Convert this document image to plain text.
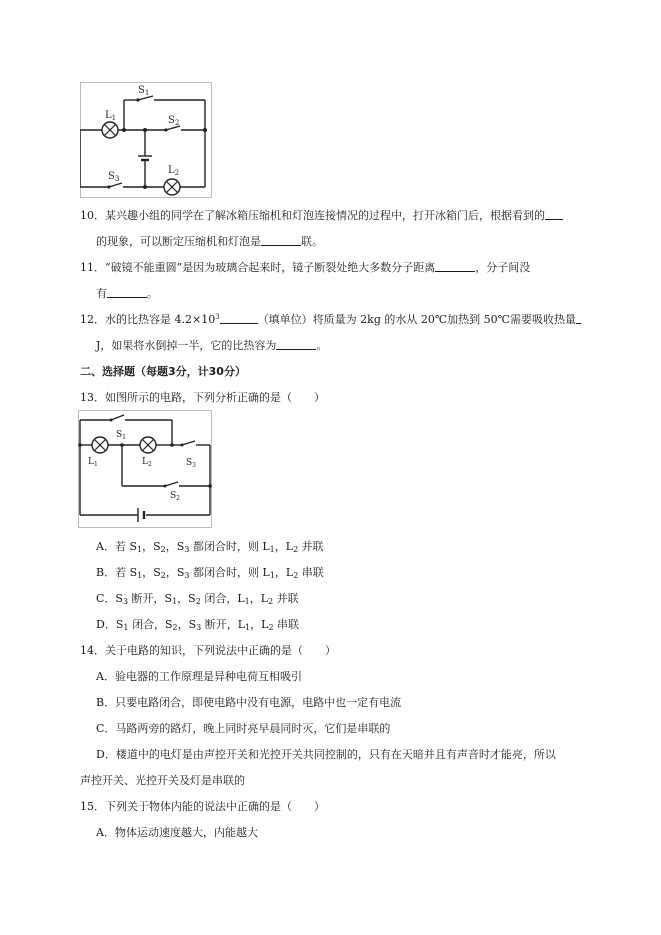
$S_1$
$S_2$
$S_3$
$L_1$
$L_2$
10．某兴趣小组的同学在了解冰箱压缩机和灯泡连接情况的过程中，打开冰箱门后，根据看到的
的现象，可以断定压缩机和灯泡是	联。
11．“破镜不能重圆”是因为玻璃合起来时，镜子断裂处绝大多数分子距离	，分子间没
有	。
12．水的比热容是 $4.2\times 10^3$	（填单位）将质量为 2kg 的水从 20℃加热到 50℃需要吸收热量
J，如果将水倒掉一半，它的比热容为	。
二、选择题（每题3分，计30分）
13．如图所示的电路，下列分析正确的是（　　）
$S_1$
$L_1$	$L_2$	$S_3$
$S_2$
A．若 $S_1$，$S_2$，$S_3$ 都闭合时，则 $L_1$，$L_2$ 并联
B．若 $S_1$，$S_2$，$S_3$ 都闭合时，则 $L_1$，$L_2$ 串联
C．$S_3$ 断开，$S_1$，$S_2$ 闭合，$L_1$，$L_2$ 并联
D．$S_1$ 闭合，$S_2$，$S_3$ 断开，$L_1$，$L_2$ 串联
14．关于电路的知识，下列说法中正确的是（　　）
A．验电器的工作原理是异种电荷互相吸引
B．只要电路闭合，即使电路中没有电源，电路中也一定有电流
C．马路两旁的路灯，晚上同时亮早晨同时灭，它们是串联的
D．楼道中的电灯是由声控开关和光控开关共同控制的，只有在天暗并且有声音时才能亮，所以
声控开关、光控开关及灯是串联的
15．下列关于物体内能的说法中正确的是（　　）
A．物体运动速度越大，内能越大
